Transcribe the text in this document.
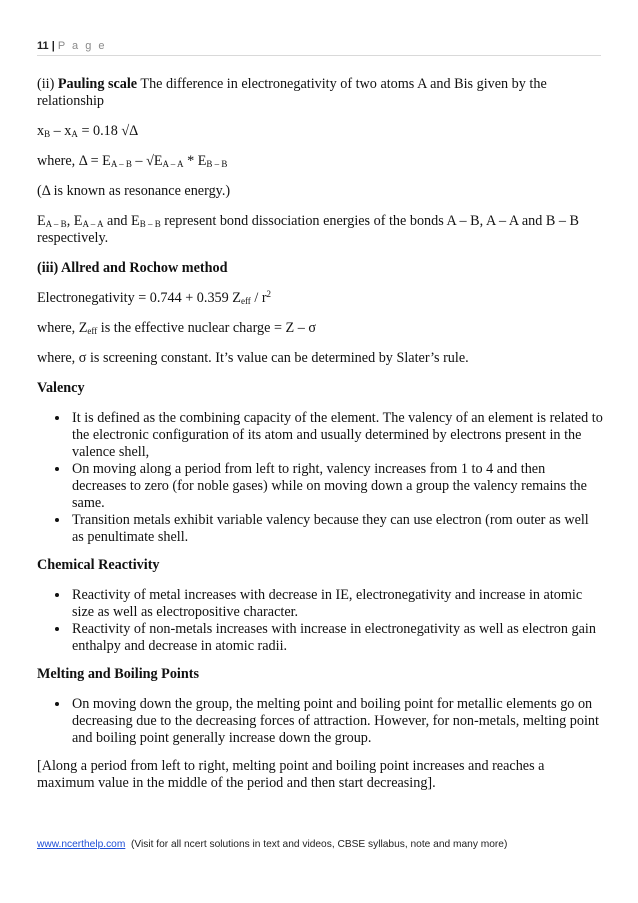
11 | P a g e

(ii) Pauling scale The difference in electronegativity of two atoms A and Bis given by the relationship

$x_B - x_A = 0.18$ √Δ

where, $\Delta = E_{A - B} - √E_{A - A} * E_{B - B}$

(Δ is known as resonance energy.)

$E_{A - B}$, $E_{A - A}$ and $E_{B - B}$ represent bond dissociation energies of the bonds A – B, A – A and B – B respectively.

(iii) Allred and Rochow method

Electronegativity = 0.744 + 0.359 $Z_{eff} / r^2$

where, $Z_{eff}$ is the effective nuclear charge = Z – σ

where, σ is screening constant. It’s value can be determined by Slater’s rule.

Valency

• It is defined as the combining capacity of the element. The valency of an element is related to the electronic configuration of its atom and usually determined by electrons present in the valence shell,
• On moving along a period from left to right, valency increases from 1 to 4 and then decreases to zero (for noble gases) while on moving down a group the valency remains the same.
• Transition metals exhibit variable valency because they can use electron (rom outer as well as penultimate shell.

Chemical Reactivity

• Reactivity of metal increases with decrease in IE, electronegativity and increase in atomic size as well as electropositive character.
• Reactivity of non-metals increases with increase in electronegativity as well as electron gain enthalpy and decrease in atomic radii.

Melting and Boiling Points

• On moving down the group, the melting point and boiling point for metallic elements go on decreasing due to the decreasing forces of attraction. However, for non-metals, melting point and boiling point generally increase down the group.

[Along a period from left to right, melting point and boiling point increases and reaches a maximum value in the middle of the period and then start decreasing].

www.ncerthelp.com  (Visit for all ncert solutions in text and videos, CBSE syllabus, note and many more)
